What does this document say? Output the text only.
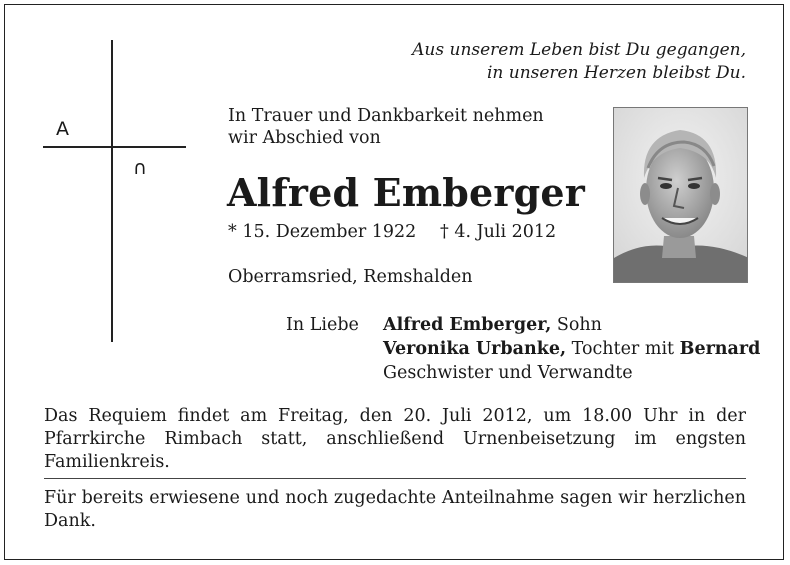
A
∩
Aus unserem Leben bist Du gegangen,
in unseren Herzen bleibst Du.
In Trauer und Dankbarkeit nehmen
wir Abschied von
Alfred Emberger
* 15. Dezember 1922 † 4. Juli 2012
Oberramsried, Remshalden
In Liebe Alfred Emberger, Sohn
Veronika Urbanke, Tochter mit Bernard
Geschwister und Verwandte
Das Requiem findet am Freitag, den 20. Juli 2012, um 18.00 Uhr in der Pfarrkirche Rimbach statt, anschließend Urnenbeisetzung im engsten Familienkreis.
Für bereits erwiesene und noch zugedachte Anteilnahme sagen wir herzlichen Dank.
